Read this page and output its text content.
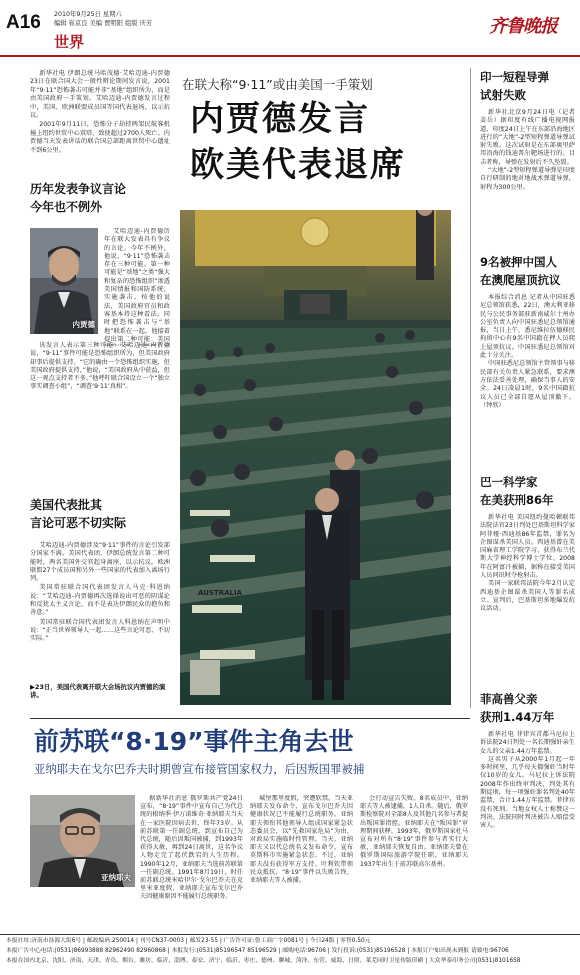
A16 2010年9月25日 星期六
编辑 崔京良 美编 贾明阳 组版 庆芳
世界
齐鲁晚报
新华社电 伊朗总统马哈茂德·艾哈迈迪-内贾德23日在联合国大会一般性辩论期间发言说，2001年“9·11”恐怖袭击可能并非“基地”组织所为，而是由美国政府一手策划。艾哈迈迪-内贾德发言过程中，美国、欧洲联盟成员国等国代表退场，以示抗议。
2001年9月11日，恐怖分子劫持两架民航客机撞上纽约世贸中心双塔，致使超过2700人死亡。内贾德当天发表讲话的联合国总部距离世贸中心遗址不到6公里。
历年发表争议言论
今年也不例外
内贾德
艾哈迈迪-内贾德历年在联大发表具有争议的言论。今年不例外，他说，“9·11”恐怖袭击存在三种可能。第一种可能是“基地”之类“强大和复杂的恐怖组织”渗透美国情报和国防系统，实施袭击。按他的说法，美国政府官员和政客基本持这种看法。同时把恐怖袭击与“基地”联系在一起。他接着提出第二种可能：美国
该发言人表示第三种可能：艾哈迈迪-内贾德说，“9·11”事件可能是恐怖组织所为，但美国政府却事后提供支持。“它的确由一个恐怖组织实施，但美国政府提供支持，”他说，“美国政府从中获益，但这一观点支持者不多。”他呼吁联合国设立一个“独立事实调查小组”，“调查‘9·11’真相”。
美国代表批其
言论可恶不切实际
艾哈迈迪-内贾德涉及“9·11”事件的言论引发部分国家不满。美国代表团、伊朗总统发言第二种可能时，两名美国外交官起身离座，以示抗议。欧洲联盟27个成员国和另外一些国家的代表加入离场行列。
美国常驻联合国代表团发言人马克·科恩纳说：“艾哈迈迪-内贾德再次选择说出可恶的阴谋论和反犹太主义言论，而不是表达伊朗民众的抱负和善意。”
美国常驻联合国代表团发言人科恩纳在声明中说：“正当世界领导人一起……这些言论可恶、不切实际。”
▶23日，美国代表离开联大会场抗议内贾德的演讲。
在联大称“9·11”或由美国一手策划
内贾德发言
欧美代表退席
AUSTRALIA
印一短程导弹
试射失败
新华社北京9月24日电（记者 姜岳）据印度有线广播电视网报道，印度24日上午在东部沿海地区进行的“大地”-2型短程弹道导弹试射失败。这次试射是在东部奥里萨邦沿海的钱迪普尔靶场进行的。目击者称，导弹在发射后不久坠毁。
“大地”-2型短程弹道导弹是印度自行研制的地对地战术弹道导弹，射程为300公里。
9名被押中国人
在澳爬屋顶抗议
本报综合消息 记者从中国驻悉尼总领馆获悉，22日，澳大利亚移民与公民事务部驻新南威尔士州办公室负责人向中国驻悉尼总领馆通报，当日上午，悉尼维拉伍德移民拘留中心有9名中国籍在押人员爬上屋顶抗议。中国驻悉尼总领馆对此十分关注。
中国驻悉尼总领馆主管领事与移民部有关负责人紧急联系，要求澳方依法妥善处理，确保当事人的安全。24日凌晨1时，9名中国籍抗议人员已全部自愿从屋顶撤下。（钟欣）
巴一科学家
在美获刑86年
新华社电 美国纽约曼哈顿联邦法院法官23日判处巴基斯坦科学家阿菲娅·西迪基86年监禁，罪名为企图谋杀美国人员。西迪基曾在美国麻省理工学院学习，获得布兰代斯大学神经科学博士学位。2008年在阿富汗被捕，据称在接受美国人员问讯时夺枪射击。
美国一家联邦法院今年2月认定西迪基企图谋杀美国人等罪名成立。宣判后，巴基斯坦多地爆发抗议活动。
菲高兽父亲
获刑1.44万年
新华社电 菲律宾首都马尼拉上诉法院24日判处一名长期强奸亲生女儿的父亲1.44万年监禁。
这名男子从2000年1月起一年多时间里，几乎每天都强奸当时年仅10岁的女儿。马尼拉上诉法院2008年作出终审判决，判处其有期徒刑，每一项强奸罪名判处40年监禁，合计1.44万年监禁。菲律宾没有死刑。当地女权人士称赞这一判决。法院同时判决被告人赔偿受害人。
前苏联“8·19”事件主角去世
亚纳耶夫在戈尔巴乔夫时期曾宣布接管国家权力，后因叛国罪被捕
亚纳耶夫
据新华社消息 俄罗斯共产党24日宣布，“8·19”事件中宣布自己为代总统的根纳季·伊万诺维奇·亚纳耶夫当天在一家医院因病去世，终年73岁。从前苏联第一任副总统，到宣布自己为代总统，随后因叛国被捕，到1993年获得大赦，再到24日离世，这名争议人物走完了起伏跌宕的人生历程。1990年12月，亚纳耶夫当选前苏联第一任副总统。1991年8月19日，时任前苏联总统米哈伊尔·戈尔巴乔夫在克里米亚度假，亚纳耶夫宣布戈尔巴乔夫因健康原因不能履行总统职务。
城堡那里度假，突遭软禁。当天亚纳耶夫发布命令，宣布戈尔巴乔夫因健康状况已不能履行总统职务，亚纳耶夫领衔其他领导人组成国家紧急状态委员会，以“先救国家危局”为由，对政局实施临时性管理。当天，亚纳耶夫又以代总统名义发布命令，宣布莫斯科市实施紧急状态。不过，亚纳耶夫没有获得军方支持。叶利钦带领民众抵抗，“8·19”事件以失败告终，亚纳耶夫等人被捕。
会行动宣告失败。8名成员中，亚纳耶夫等人被逮捕，1人自杀。随后，俄罗斯检察院对全部8人及其他几名参与者提出叛国罪指控。亚纳耶夫在“叛国罪”审理期间获释。1993年，俄罗斯国家杜马宣布对所有“8·19”事件参与者实行大赦，亚纳耶夫恢复自由。亚纳耶夫曾在俄罗斯国际旅游学院任职。亚纳耶夫1937年出生于前苏联高尔基州。
本报社址:济南市泺源大街6号 | 邮政编码:250014 | 刊号CN37-0003 | 邮发23-55 | 广告许可证:鲁工商广字0081号 | 今日24版 | 零售0.50元
本报广告中心电话:(0531)86993888 82962490 82960868 | 本报发行:(0531)85196547 85196529 | 邮购电话:96706 | 发行投诉:(0531)85196528 | 本报订户如出现未到报 请致电:96706
本报在国内北京、沈阳、济南、天津、青岛、烟台、潍坊、临沂、淄博、泰安、济宁、临沂、枣庄、德州、聊城、菏泽、东营、威海、日照、莱芜同时卫星传版印刷 | 大众华泰印务公司(0531)8101658
